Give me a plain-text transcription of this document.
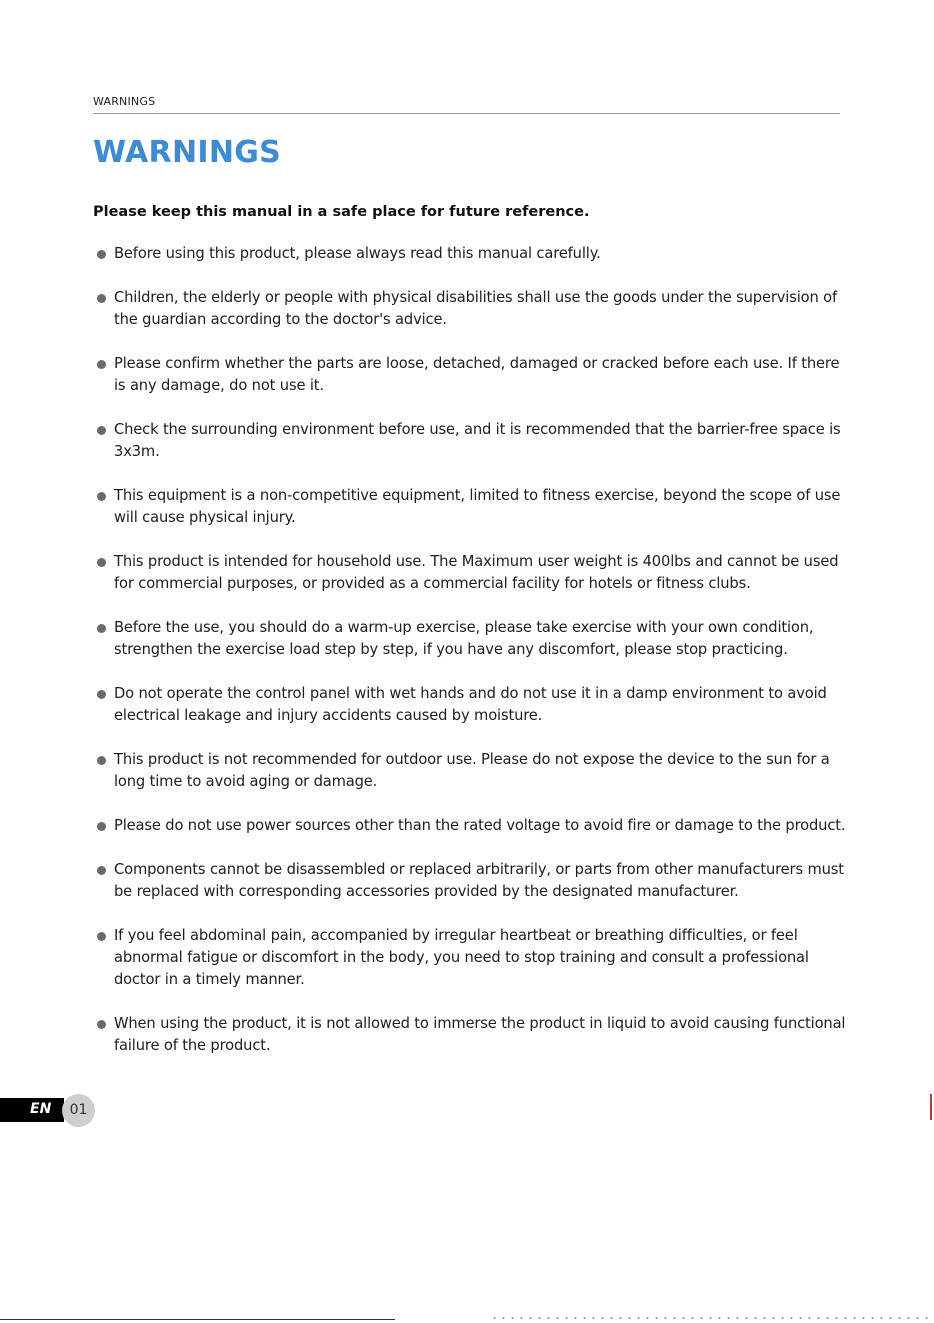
WARNINGS
WARNINGS

Please keep this manual in a safe place for future reference.

Before using this product, please always read this manual carefully.
Children, the elderly or people with physical disabilities shall use the goods under the supervision of the guardian according to the doctor's advice.
Please confirm whether the parts are loose, detached, damaged or cracked before each use. If there is any damage, do not use it.
Check the surrounding environment before use, and it is recommended that the barrier-free space is 3x3m.
This equipment is a non-competitive equipment, limited to fitness exercise, beyond the scope of use will cause physical injury.
This product is intended for household use. The Maximum user weight is 400lbs and cannot be used for commercial purposes, or provided as a commercial facility for hotels or fitness clubs.
Before the use, you should do a warm-up exercise, please take exercise with your own condition, strengthen the exercise load step by step, if you have any discomfort, please stop practicing.
Do not operate the control panel with wet hands and do not use it in a damp environment to avoid electrical leakage and injury accidents caused by moisture.
This product is not recommended for outdoor use. Please do not expose the device to the sun for a long time to avoid aging or damage.
Please do not use power sources other than the rated voltage to avoid fire or damage to the product.
Components cannot be disassembled or replaced arbitrarily, or parts from other manufacturers must be replaced with corresponding accessories provided by the designated manufacturer.
If you feel abdominal pain, accompanied by irregular heartbeat or breathing difficulties, or feel abnormal fatigue or discomfort in the body, you need to stop training and consult a professional doctor in a timely manner.
When using the product, it is not allowed to immerse the product in liquid to avoid causing functional failure of the product.
EN	01
